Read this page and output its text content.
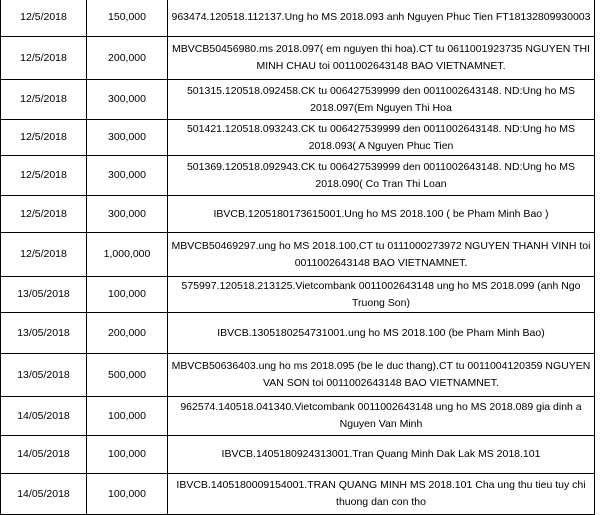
12/5/2018	150,000	963474.120518.112137.Ung ho MS 2018.093 anh Nguyen Phuc Tien FT18132809930003
12/5/2018	200,000	MBVCB50456980.ms 2018.097( em nguyen thi hoa).CT tu 0611001923735 NGUYEN THI MINH CHAU toi 0011002643148 BAO VIETNAMNET.
12/5/2018	300,000	501315.120518.092458.CK tu 006427539999 den 0011002643148. ND:Ung ho MS 2018.097(Em Nguyen Thi Hoa
12/5/2018	300,000	501421.120518.093243.CK tu 006427539999 den 0011002643148. ND:Ung ho MS 2018.093( A Nguyen Phuc Tien
12/5/2018	300,000	501369.120518.092943.CK tu 006427539999 den 0011002643148. ND:Ung ho MS 2018.090( Co Tran Thi Loan
12/5/2018	300,000	IBVCB.1205180173615001.Ung ho MS 2018.100 ( be Pham Minh Bao )
12/5/2018	1,000,000	MBVCB50469297.ung ho MS 2018.100.CT tu 0111000273972 NGUYEN THANH VINH toi 0011002643148 BAO VIETNAMNET.
13/05/2018	100,000	575997.120518.213125.Vietcombank 0011002643148 ung ho MS 2018.099 (anh Ngo Truong Son)
13/05/2018	200,000	IBVCB.1305180254731001.ung ho MS 2018.100 (be Pham Minh Bao)
13/05/2018	500,000	MBVCB50636403.ung ho ms 2018.095 (be le duc thang).CT tu 0011004120359 NGUYEN VAN SON toi 0011002643148 BAO VIETNAMNET.
14/05/2018	100,000	962574.140518.041340.Vietcombank 0011002643148 ung ho MS 2018.089 gia dinh a Nguyen Van Minh
14/05/2018	100,000	IBVCB.1405180924313001.Tran Quang Minh Dak Lak MS 2018.101
14/05/2018	100,000	IBVCB.1405180009154001.TRAN QUANG MINH MS 2018.101 Cha ung thu tieu tuy chi thuong dan con tho
